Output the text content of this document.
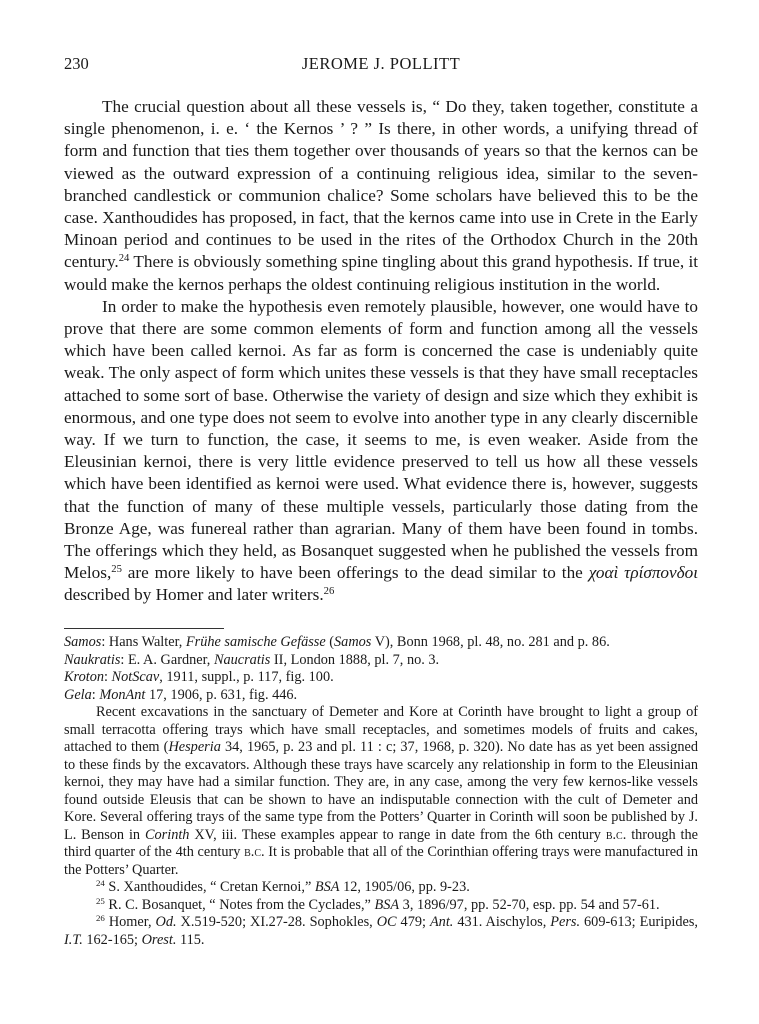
230	JEROME J. POLLITT

The crucial question about all these vessels is, “ Do they, taken together, constitute a single phenomenon, i. e. ‘ the Kernos ’ ? ” Is there, in other words, a unifying thread of form and function that ties them together over thousands of years so that the kernos can be viewed as the outward expression of a continuing religious idea, similar to the seven-branched candlestick or communion chalice? Some scholars have believed this to be the case. Xanthoudides has proposed, in fact, that the kernos came into use in Crete in the Early Minoan period and continues to be used in the rites of the Orthodox Church in the 20th century.$^{24}$ There is obviously something spine tingling about this grand hypothesis. If true, it would make the kernos perhaps the oldest continuing religious institution in the world.

In order to make the hypothesis even remotely plausible, however, one would have to prove that there are some common elements of form and function among all the vessels which have been called kernoi. As far as form is concerned the case is undeniably quite weak. The only aspect of form which unites these vessels is that they have small receptacles attached to some sort of base. Otherwise the variety of design and size which they exhibit is enormous, and one type does not seem to evolve into another type in any clearly discernible way. If we turn to function, the case, it seems to me, is even weaker. Aside from the Eleusinian kernoi, there is very little evidence preserved to tell us how all these vessels which have been identified as kernoi were used. What evidence there is, however, suggests that the function of many of these multiple vessels, particularly those dating from the Bronze Age, was funereal rather than agrarian. Many of them have been found in tombs. The offerings which they held, as Bosanquet suggested when he published the vessels from Melos,$^{25}$ are more likely to have been offerings to the dead similar to the χοαὶ τρίσπονδοι described by Homer and later writers.$^{26}$

Samos: Hans Walter, Frühe samische Gefässe (Samos V), Bonn 1968, pl. 48, no. 281 and p. 86.

Naukratis: E. A. Gardner, Naucratis II, London 1888, pl. 7, no. 3.

Kroton: NotScav, 1911, suppl., p. 117, fig. 100.

Gela: MonAnt 17, 1906, p. 631, fig. 446.

Recent excavations in the sanctuary of Demeter and Kore at Corinth have brought to light a group of small terracotta offering trays which have small receptacles, and sometimes models of fruits and cakes, attached to them (Hesperia 34, 1965, p. 23 and pl. 11 : c; 37, 1968, p. 320). No date has as yet been assigned to these finds by the excavators. Although these trays have scarcely any relationship in form to the Eleusinian kernoi, they may have had a similar function. They are, in any case, among the very few kernos-like vessels found outside Eleusis that can be shown to have an indisputable connection with the cult of Demeter and Kore. Several offering trays of the same type from the Potters’ Quarter in Corinth will soon be published by J. L. Benson in Corinth XV, iii. These examples appear to range in date from the 6th century b.c. through the third quarter of the 4th century b.c. It is probable that all of the Corinthian offering trays were manufactured in the Potters’ Quarter.

$^{24}$ S. Xanthoudides, “ Cretan Kernoi,” BSA 12, 1905/06, pp. 9-23.

$^{25}$ R. C. Bosanquet, “ Notes from the Cyclades,” BSA 3, 1896/97, pp. 52-70, esp. pp. 54 and 57-61.

$^{26}$ Homer, Od. X.519-520; XI.27-28. Sophokles, OC 479; Ant. 431. Aischylos, Pers. 609-613; Euripides, I.T. 162-165; Orest. 115.
